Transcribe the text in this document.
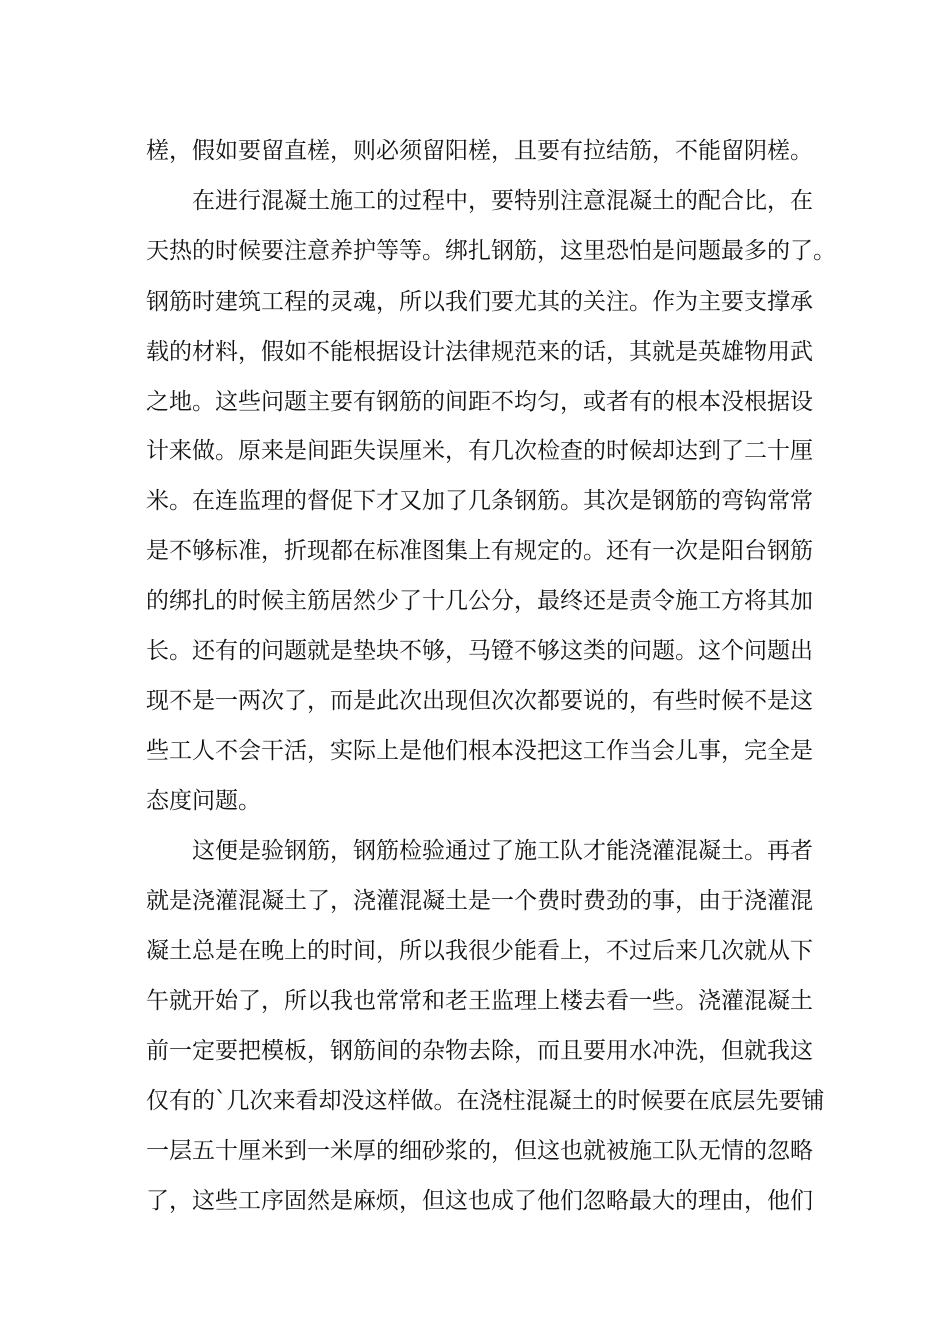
槎，假如要留直槎，则必须留阳槎，且要有拉结筋，不能留阴槎。
在进行混凝土施工的过程中，要特别注意混凝土的配合比，在
天热的时候要注意养护等等。绑扎钢筋，这里恐怕是问题最多的了。
钢筋时建筑工程的灵魂，所以我们要尤其的关注。作为主要支撑承
载的材料，假如不能根据设计法律规范来的话，其就是英雄物用武
之地。这些问题主要有钢筋的间距不均匀，或者有的根本没根据设
计来做。原来是间距失误厘米，有几次检查的时候却达到了二十厘
米。在连监理的督促下才又加了几条钢筋。其次是钢筋的弯钩常常
是不够标准，折现都在标准图集上有规定的。还有一次是阳台钢筋
的绑扎的时候主筋居然少了十几公分，最终还是责令施工方将其加
长。还有的问题就是垫块不够，马镫不够这类的问题。这个问题出
现不是一两次了，而是此次出现但次次都要说的，有些时候不是这
些工人不会干活，实际上是他们根本没把这工作当会儿事，完全是
态度问题。
这便是验钢筋，钢筋检验通过了施工队才能浇灌混凝土。再者
就是浇灌混凝土了，浇灌混凝土是一个费时费劲的事，由于浇灌混
凝土总是在晚上的时间，所以我很少能看上，不过后来几次就从下
午就开始了，所以我也常常和老王监理上楼去看一些。浇灌混凝土
前一定要把模板，钢筋间的杂物去除，而且要用水冲洗，但就我这
仅有的`几次来看却没这样做。在浇柱混凝土的时候要在底层先要铺
一层五十厘米到一米厚的细砂浆的，但这也就被施工队无情的忽略
了，这些工序固然是麻烦，但这也成了他们忽略最大的理由，他们
